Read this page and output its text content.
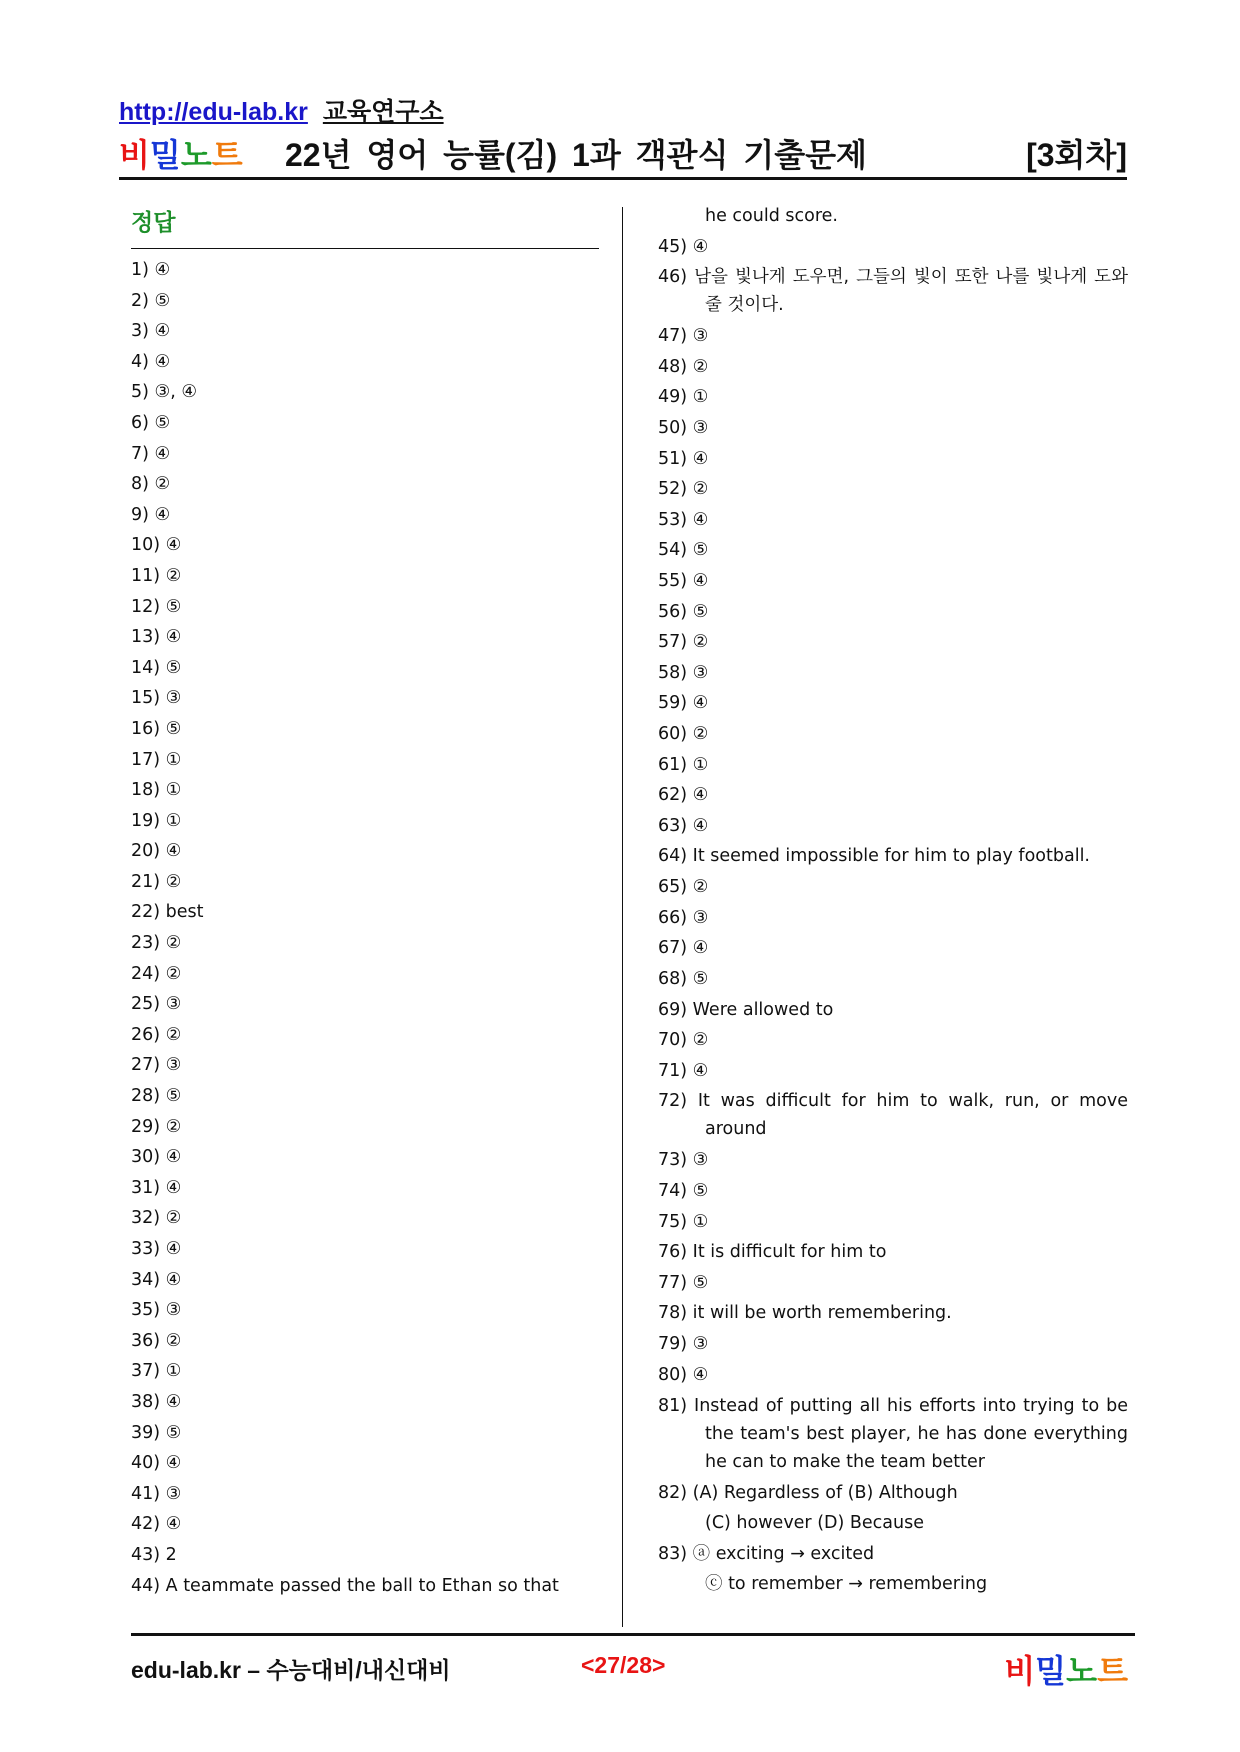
http://edu-lab.kr 교육연구소
비밀노트 22년 영어 능률(김) 1과 객관식 기출문제	[3회차]
정답
1) ④
2) ⑤
3) ④
4) ④
5) ③, ④
6) ⑤
7) ④
8) ②
9) ④
10) ④
11) ②
12) ⑤
13) ④
14) ⑤
15) ③
16) ⑤
17) ①
18) ①
19) ①
20) ④
21) ②
22) best
23) ②
24) ②
25) ③
26) ②
27) ③
28) ⑤
29) ②
30) ④
31) ④
32) ②
33) ④
34) ④
35) ③
36) ②
37) ①
38) ④
39) ⑤
40) ④
41) ③
42) ④
43) 2
44) A teammate passed the ball to Ethan so that
he could score.
45) ④
46) 남을 빛나게 도우면, 그들의 빛이 또한 나를 빛나게 도와줄 것이다.
47) ③
48) ②
49) ①
50) ③
51) ④
52) ②
53) ④
54) ⑤
55) ④
56) ⑤
57) ②
58) ③
59) ④
60) ②
61) ①
62) ④
63) ④
64) It seemed impossible for him to play football.
65) ②
66) ③
67) ④
68) ⑤
69) Were allowed to
70) ②
71) ④
72) It was difficult for him to walk, run, or move around
73) ③
74) ⑤
75) ①
76) It is difficult for him to
77) ⑤
78) it will be worth remembering.
79) ③
80) ④
81) Instead of putting all his efforts into trying to be the team's best player, he has done everything he can to make the team better
82) (A) Regardless of (B) Although
(C) however (D) Because
83) ⓐ exciting → excited
ⓒ to remember → remembering
edu-lab.kr – 수능대비/내신대비	<27/28>	비밀노트
